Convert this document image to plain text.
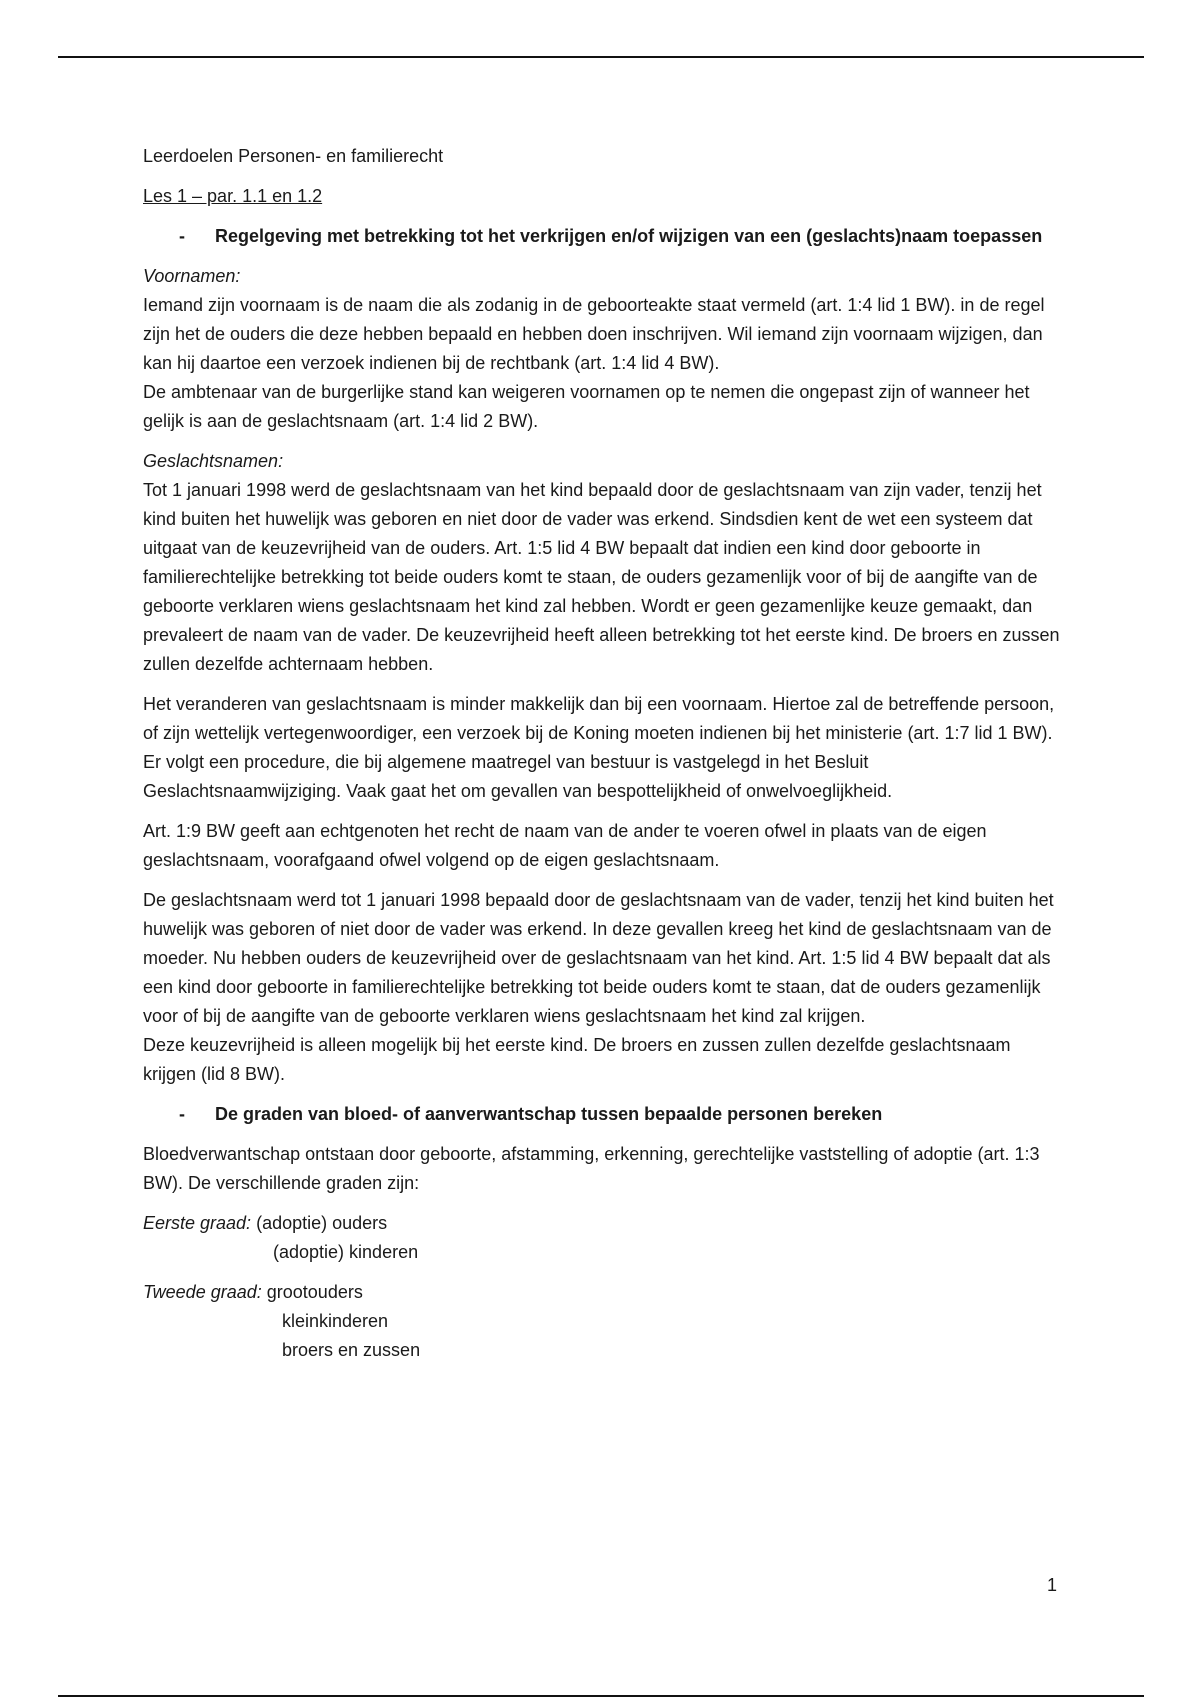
Leerdoelen Personen- en familierecht

Les 1 – par. 1.1 en 1.2

-	Regelgeving met betrekking tot het verkrijgen en/of wijzigen van een (geslachts)naam toepassen
Voornamen:
Iemand zijn voornaam is de naam die als zodanig in de geboorteakte staat vermeld (art. 1:4 lid 1 BW). in de regel zijn het de ouders die deze hebben bepaald en hebben doen inschrijven. Wil iemand zijn voornaam wijzigen, dan kan hij daartoe een verzoek indienen bij de rechtbank (art. 1:4 lid 4 BW).
De ambtenaar van de burgerlijke stand kan weigeren voornamen op te nemen die ongepast zijn of wanneer het gelijk is aan de geslachtsnaam (art. 1:4 lid 2 BW).
Geslachtsnamen:
Tot 1 januari 1998 werd de geslachtsnaam van het kind bepaald door de geslachtsnaam van zijn vader, tenzij het kind buiten het huwelijk was geboren en niet door de vader was erkend. Sindsdien kent de wet een systeem dat uitgaat van de keuzevrijheid van de ouders. Art. 1:5 lid 4 BW bepaalt dat indien een kind door geboorte in familierechtelijke betrekking tot beide ouders komt te staan, de ouders gezamenlijk voor of bij de aangifte van de geboorte verklaren wiens geslachtsnaam het kind zal hebben. Wordt er geen gezamenlijke keuze gemaakt, dan prevaleert de naam van de vader. De keuzevrijheid heeft alleen betrekking tot het eerste kind. De broers en zussen zullen dezelfde achternaam hebben.

Het veranderen van geslachtsnaam is minder makkelijk dan bij een voornaam. Hiertoe zal de betreffende persoon, of zijn wettelijk vertegenwoordiger, een verzoek bij de Koning moeten indienen bij het ministerie (art. 1:7 lid 1 BW). Er volgt een procedure, die bij algemene maatregel van bestuur is vastgelegd in het Besluit Geslachtsnaamwijziging. Vaak gaat het om gevallen van bespottelijkheid of onwelvoeglijkheid.

Art. 1:9 BW geeft aan echtgenoten het recht de naam van de ander te voeren ofwel in plaats van de eigen geslachtsnaam, voorafgaand ofwel volgend op de eigen geslachtsnaam.

De geslachtsnaam werd tot 1 januari 1998 bepaald door de geslachtsnaam van de vader, tenzij het kind buiten het huwelijk was geboren of niet door de vader was erkend. In deze gevallen kreeg het kind de geslachtsnaam van de moeder. Nu hebben ouders de keuzevrijheid over de geslachtsnaam van het kind. Art. 1:5 lid 4 BW bepaalt dat als een kind door geboorte in familierechtelijke betrekking tot beide ouders komt te staan, dat de ouders gezamenlijk voor of bij de aangifte van de geboorte verklaren wiens geslachtsnaam het kind zal krijgen.
Deze keuzevrijheid is alleen mogelijk bij het eerste kind. De broers en zussen zullen dezelfde geslachtsnaam krijgen (lid 8 BW).
-	De graden van bloed- of aanverwantschap tussen bepaalde personen bereken

Bloedverwantschap ontstaan door geboorte, afstamming, erkenning, gerechtelijke vaststelling of adoptie (art. 1:3 BW). De verschillende graden zijn:

Eerste graad: (adoptie) ouders
(adoptie) kinderen
Tweede graad: grootouders
kleinkinderen
broers en zussen
1
